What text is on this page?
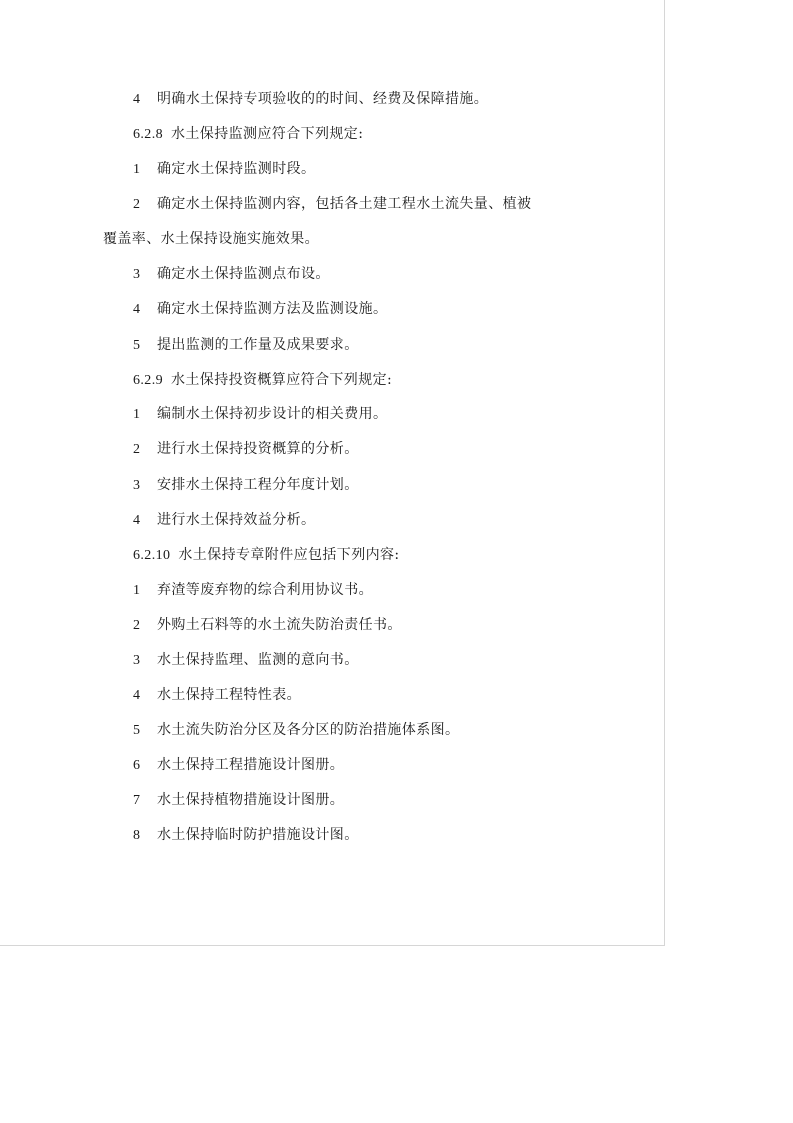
4 明确水土保持专项验收的的时间、经费及保障措施。
6.2.8 水土保持监测应符合下列规定:
1 确定水土保持监测时段。
2 确定水土保持监测内容，包括各土建工程水土流失量、植被
覆盖率、水土保持设施实施效果。
3 确定水土保持监测点布设。
4 确定水土保持监测方法及监测设施。
5 提出监测的工作量及成果要求。
6.2.9 水土保持投资概算应符合下列规定:
1 编制水土保持初步设计的相关费用。
2 进行水土保持投资概算的分析。
3 安排水土保持工程分年度计划。
4 进行水土保持效益分析。
6.2.10 水土保持专章附件应包括下列内容:
1 弃渣等废弃物的综合利用协议书。
2 外购土石料等的水土流失防治责任书。
3 水土保持监理、监测的意向书。
4 水土保持工程特性表。
5 水土流失防治分区及各分区的防治措施体系图。
6 水土保持工程措施设计图册。
7 水土保持植物措施设计图册。
8 水土保持临时防护措施设计图。
